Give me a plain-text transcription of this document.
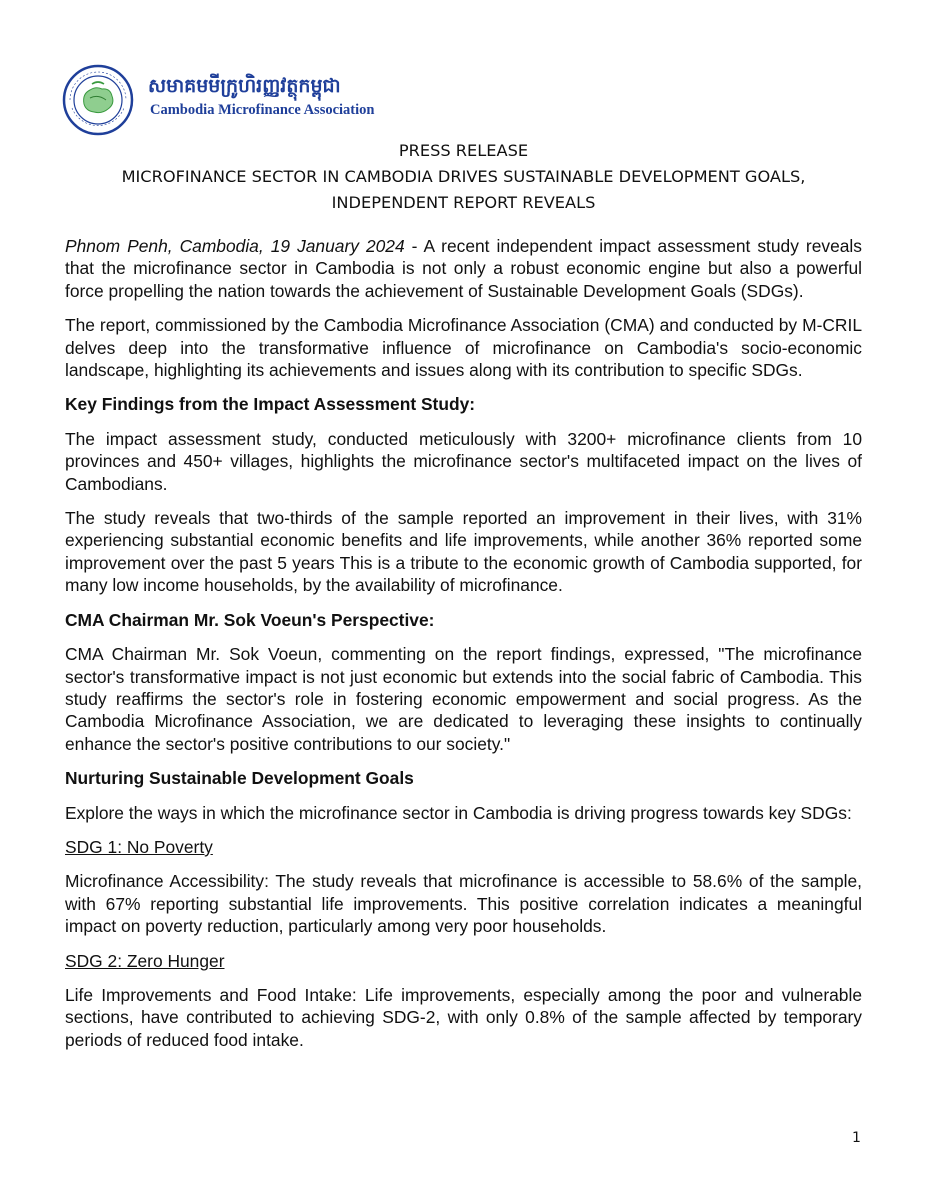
សមាគមមីក្រូហិរញ្ញវត្ថុកម្ពុជា
Cambodia Microfinance Association
PRESS RELEASE
MICROFINANCE SECTOR IN CAMBODIA DRIVES SUSTAINABLE DEVELOPMENT GOALS,
INDEPENDENT REPORT REVEALS

Phnom Penh, Cambodia, 19 January 2024 - A recent independent impact assessment study reveals that the microfinance sector in Cambodia is not only a robust economic engine but also a powerful force propelling the nation towards the achievement of Sustainable Development Goals (SDGs).

The report, commissioned by the Cambodia Microfinance Association (CMA) and conducted by M-CRIL delves deep into the transformative influence of microfinance on Cambodia's socio-economic landscape, highlighting its achievements and issues along with its contribution to specific SDGs.

Key Findings from the Impact Assessment Study:

The impact assessment study, conducted meticulously with 3200+ microfinance clients from 10 provinces and 450+ villages, highlights the microfinance sector's multifaceted impact on the lives of Cambodians.

The study reveals that two-thirds of the sample reported an improvement in their lives, with 31% experiencing substantial economic benefits and life improvements, while another 36% reported some improvement over the past 5 years This is a tribute to the economic growth of Cambodia supported, for many low income households, by the availability of microfinance.

CMA Chairman Mr. Sok Voeun's Perspective:

CMA Chairman Mr. Sok Voeun, commenting on the report findings, expressed, "The microfinance sector's transformative impact is not just economic but extends into the social fabric of Cambodia. This study reaffirms the sector's role in fostering economic empowerment and social progress. As the Cambodia Microfinance Association, we are dedicated to leveraging these insights to continually enhance the sector's positive contributions to our society."

Nurturing Sustainable Development Goals

Explore the ways in which the microfinance sector in Cambodia is driving progress towards key SDGs:

SDG 1: No Poverty

Microfinance Accessibility: The study reveals that microfinance is accessible to 58.6% of the sample, with 67% reporting substantial life improvements. This positive correlation indicates a meaningful impact on poverty reduction, particularly among very poor households.

SDG 2: Zero Hunger

Life Improvements and Food Intake: Life improvements, especially among the poor and vulnerable sections, have contributed to achieving SDG-2, with only 0.8% of the sample affected by temporary periods of reduced food intake.

1
